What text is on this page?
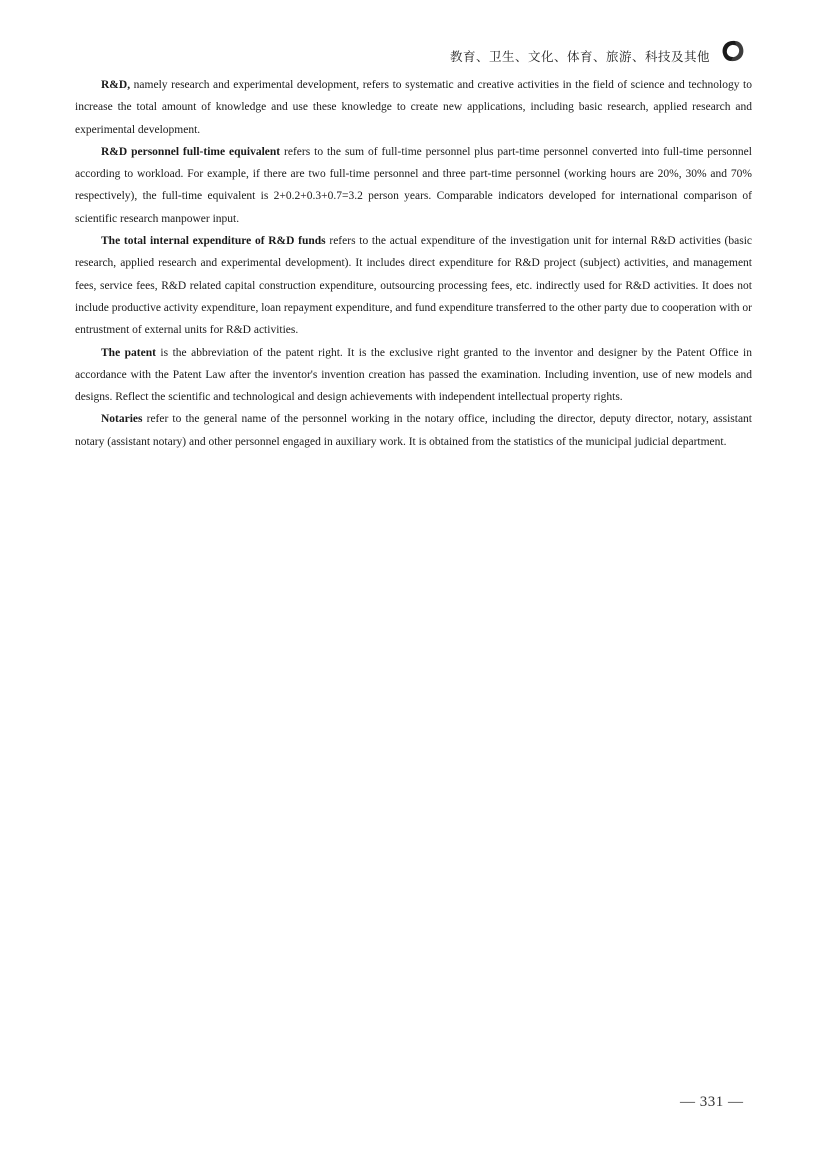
教育、卫生、文化、体育、旅游、科技及其他

R&D, namely research and experimental development, refers to systematic and creative activities in the field of science and technology to increase the total amount of knowledge and use these knowledge to create new applications, including basic research, applied research and experimental development.

R&D personnel full-time equivalent refers to the sum of full-time personnel plus part-time personnel converted into full-time personnel according to workload. For example, if there are two full-time personnel and three part-time personnel (working hours are 20%, 30% and 70% respectively), the full-time equivalent is 2+0.2+0.3+0.7=3.2 person years. Comparable indicators developed for international comparison of scientific research manpower input.

The total internal expenditure of R&D funds refers to the actual expenditure of the investigation unit for internal R&D activities (basic research, applied research and experimental development). It includes direct expenditure for R&D project (subject) activities, and management fees, service fees, R&D related capital construction expenditure, outsourcing processing fees, etc. indirectly used for R&D activities. It does not include productive activity expenditure, loan repayment expenditure, and fund expenditure transferred to the other party due to cooperation with or entrustment of external units for R&D activities.

The patent is the abbreviation of the patent right. It is the exclusive right granted to the inventor and designer by the Patent Office in accordance with the Patent Law after the inventor's invention creation has passed the examination. Including invention, use of new models and designs. Reflect the scientific and technological and design achievements with independent intellectual property rights.

Notaries refer to the general name of the personnel working in the notary office, including the director, deputy director, notary, assistant notary (assistant notary) and other personnel engaged in auxiliary work. It is obtained from the statistics of the municipal judicial department.

— 331 —
